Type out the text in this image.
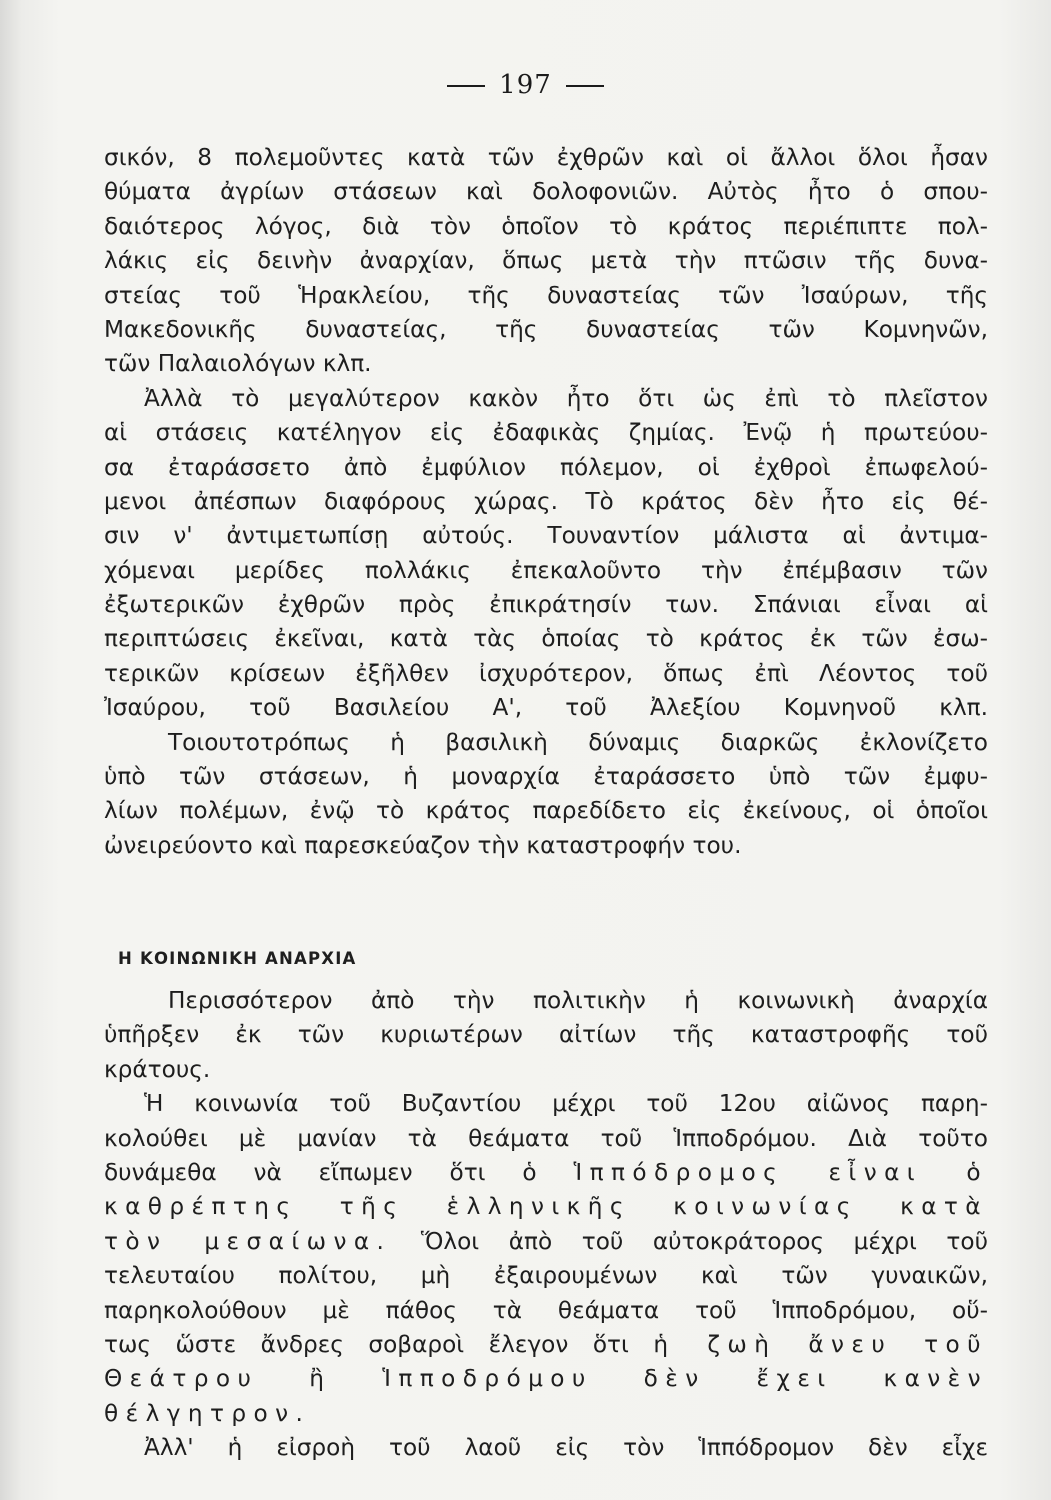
197
σικόν, 8 πολεμοῦντες κατὰ τῶν ἐχθρῶν καὶ οἱ ἄλλοι ὅλοι ἦσαν
θύματα ἀγρίων στάσεων καὶ δολοφονιῶν. Αὐτὸς ἦτο ὁ σπου-
δαιότερος λόγος, διὰ τὸν ὁποῖον τὸ κράτος περιέπιπτε πολ-
λάκις εἰς δεινὴν ἀναρχίαν, ὅπως μετὰ τὴν πτῶσιν τῆς δυνα-
στείας τοῦ Ἡρακλείου, τῆς δυναστείας τῶν Ἰσαύρων, τῆς
Μακεδονικῆς δυναστείας, τῆς δυναστείας τῶν Κομνηνῶν,
τῶν Παλαιολόγων κλπ.
Ἀλλὰ τὸ μεγαλύτερον κακὸν ἦτο ὅτι ὡς ἐπὶ τὸ πλεῖστον
αἱ στάσεις κατέληγον εἰς ἐδαφικὰς ζημίας. Ἐνῷ ἡ πρωτεύου-
σα ἐταράσσετο ἀπὸ ἐμφύλιον πόλεμον, οἱ ἐχθροὶ ἐπωφελού-
μενοι ἀπέσπων διαφόρους χώρας. Τὸ κράτος δὲν ἦτο εἰς θέ-
σιν ν' ἀντιμετωπίσῃ αὐτούς. Τουναντίον μάλιστα αἱ ἀντιμα-
χόμεναι μερίδες πολλάκις ἐπεκαλοῦντο τὴν ἐπέμβασιν τῶν
ἐξωτερικῶν ἐχθρῶν πρὸς ἐπικράτησίν των. Σπάνιαι εἶναι αἱ
περιπτώσεις ἐκεῖναι, κατὰ τὰς ὁποίας τὸ κράτος ἐκ τῶν ἐσω-
τερικῶν κρίσεων ἐξῆλθεν ἰσχυρότερον, ὅπως ἐπὶ Λέοντος τοῦ
Ἰσαύρου, τοῦ Βασιλείου Α', τοῦ Ἀλεξίου Κομνηνοῦ κλπ.
Τοιουτοτρόπως ἡ βασιλικὴ δύναμις διαρκῶς ἐκλονίζετο
ὑπὸ τῶν στάσεων, ἡ μοναρχία ἐταράσσετο ὑπὸ τῶν ἐμφυ-
λίων πολέμων, ἐνῷ τὸ κράτος παρεδίδετο εἰς ἐκείνους, οἱ ὁποῖοι
ὠνειρεύοντο καὶ παρεσκεύαζον τὴν καταστροφήν του.
Η ΚΟΙΝΩΝΙΚΗ ΑΝΑΡΧΙΑ
Περισσότερον ἀπὸ τὴν πολιτικὴν ἡ κοινωνικὴ ἀναρχία
ὑπῆρξεν ἐκ τῶν κυριωτέρων αἰτίων τῆς καταστροφῆς τοῦ
κράτους.
Ἡ κοινωνία τοῦ Βυζαντίου μέχρι τοῦ 12ου αἰῶνος παρη-
κολούθει μὲ μανίαν τὰ θεάματα τοῦ Ἱπποδρόμου. Διὰ τοῦτο
δυνάμεθα νὰ εἴπωμεν ὅτι ὁ Ἱππόδρομος εἶναι ὁ
καθρέπτης τῆς ἑλληνικῆς κοινωνίας κατὰ
τὸν μεσαίωνα. Ὅλοι ἀπὸ τοῦ αὐτοκράτορος μέχρι τοῦ
τελευταίου πολίτου, μὴ ἐξαιρουμένων καὶ τῶν γυναικῶν,
παρηκολούθουν μὲ πάθος τὰ θεάματα τοῦ Ἱπποδρόμου, οὕ-
τως ὥστε ἄνδρες σοβαροὶ ἔλεγον ὅτι ἡ ζωὴ ἄνευ τοῦ
Θεάτρου ἢ Ἱπποδρόμου δὲν ἔχει κανὲν
θέλγητρον.
Ἀλλ' ἡ εἰσροὴ τοῦ λαοῦ εἰς τὸν Ἱππόδρομον δὲν εἶχε
